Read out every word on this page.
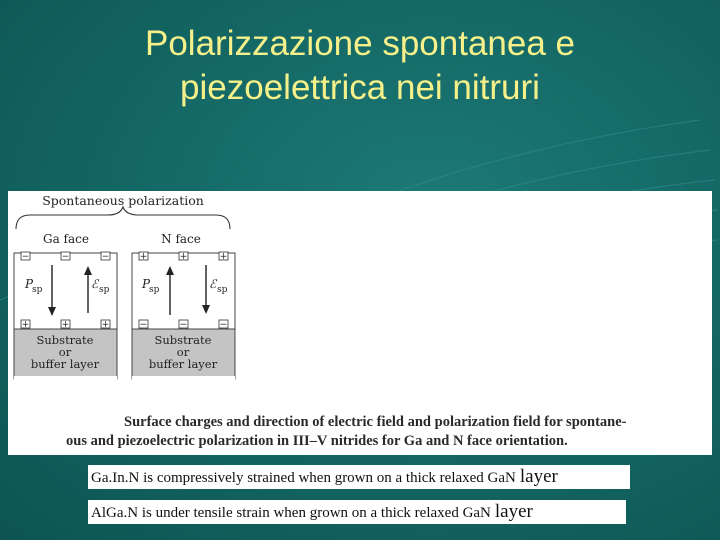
Polarizzazione spontanea e
piezoelettrica nei nitruri
Spontaneous polarization
Ga face
−	−	−
+	+	+
P
sp	ℰ sp
Substrate
or
buffer layer
N face
+	+	+
−	−	−
P
sp	ℰ sp
Substrate
or
buffer layer
Surface charges and direction of electric field and polarization field for spontane-
ous and piezoelectric polarization in III–V nitrides for Ga and N face orientation.
Ga.In.N is compressively strained when grown on a thick relaxed GaN layer
AlGa.N is under tensile strain when grown on a thick relaxed GaN layer
